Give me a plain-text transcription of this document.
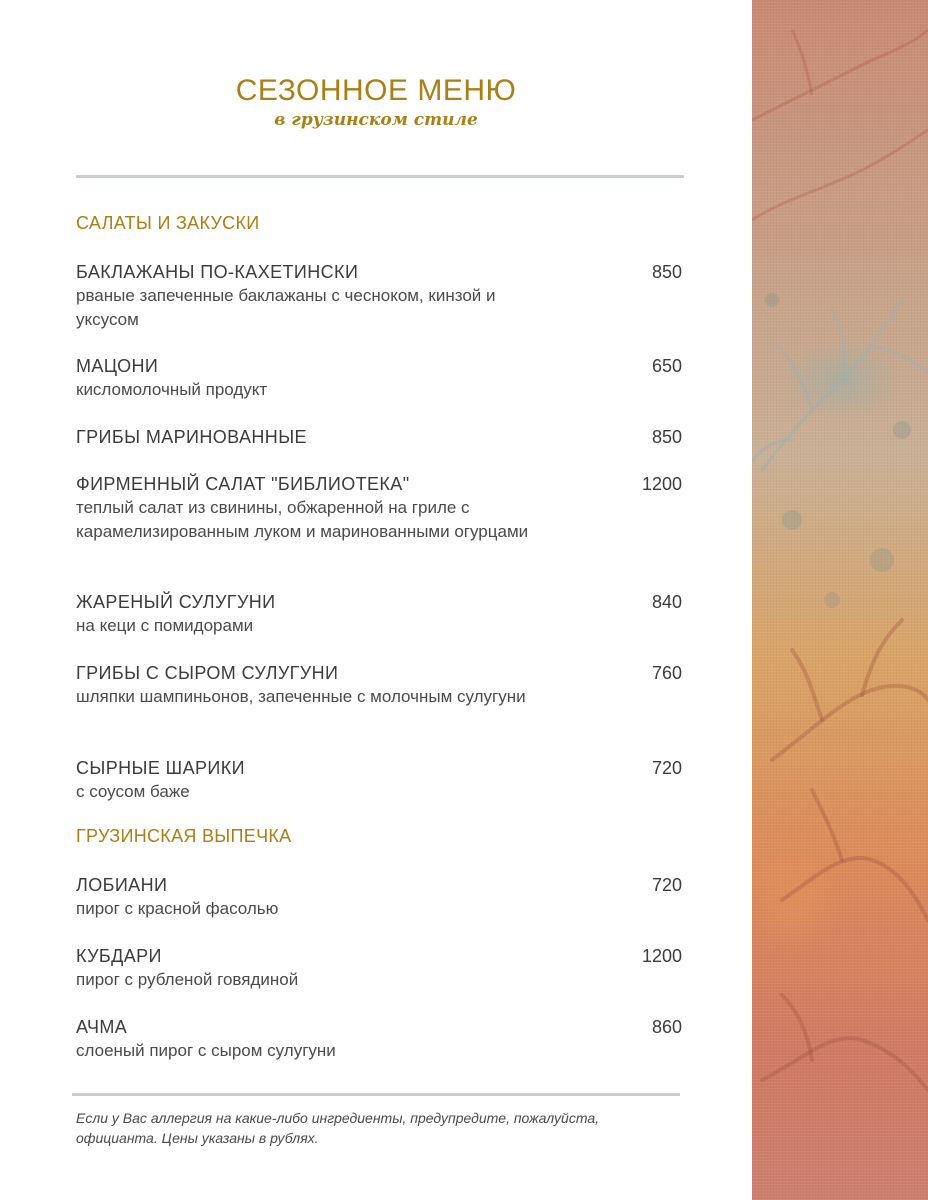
СЕЗОННОЕ МЕНЮ
в грузинском стиле
САЛАТЫ И ЗАКУСКИ
БАКЛАЖАНЫ ПО-КАХЕТИНСКИ	850
рваные запеченные баклажаны с чесноком, кинзой и уксусом
МАЦОНИ	650
кисломолочный продукт
ГРИБЫ МАРИНОВАННЫЕ	850
ФИРМЕННЫЙ САЛАТ "БИБЛИОТЕКА"	1200
теплый салат из свинины, обжаренной на гриле с карамелизированным луком и маринованными огурцами
ЖАРЕНЫЙ СУЛУГУНИ	840
на кеци с помидорами
ГРИБЫ С СЫРОМ СУЛУГУНИ	760
шляпки шампиньонов, запеченные с молочным сулугуни
СЫРНЫЕ ШАРИКИ	720
с соусом баже
ГРУЗИНСКАЯ ВЫПЕЧКА
ЛОБИАНИ	720
пирог с красной фасолью
КУБДАРИ	1200
пирог с рубленой говядиной
АЧМА	860
слоеный пирог с сыром сулугуни
Если у Вас аллергия на какие-либо ингредиенты, предупредите, пожалуйста, официанта. Цены указаны в рублях.
